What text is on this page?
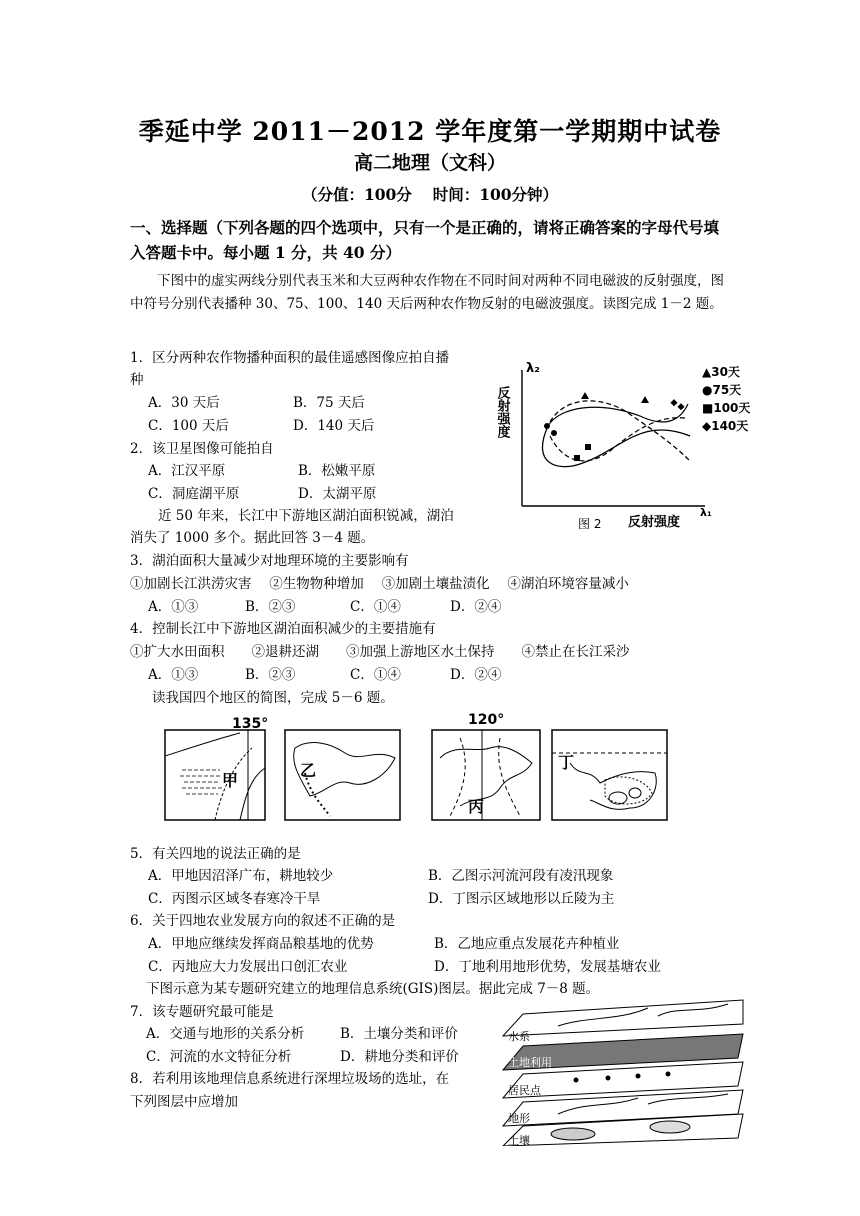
季延中学 2011－2012 学年度第一学期期中试卷
高二地理（文科）
（分值：100分　 时间：100分钟）
一、选择题（下列各题的四个选项中，只有一个是正确的，请将正确答案的字母代号填入答题卡中。每小题 1 分，共 40 分）
下图中的虚实两线分别代表玉米和大豆两种农作物在不同时间对两种不同电磁波的反射强度，图中符号分别代表播种 30、75、100、140 天后两种农作物反射的电磁波强度。读图完成 1－2 题。
1．区分两种农作物播种面积的最佳遥感图像应拍自播
种
A．30 天后	B．75 天后
C．100 天后	D．140 天后
2．该卫星图像可能拍自
A．江汉平原	B．松嫩平原
C．洞庭湖平原	D．太湖平原
近 50 年来，长江中下游地区湖泊面积锐减，湖泊
消失了 1000 多个。据此回答 3－4 题。
λ₂
反射强度
λ₁
反射强度
图 2
▲30天
●75天
■100天
◆140天
3．湖泊面积大量减少对地理环境的主要影响有
①加剧长江洪涝灾害　 ②生物物种增加　 ③加剧土壤盐渍化　 ④湖泊环境容量减小
A．①③	B．②③	C．①④	D．②④
4．控制长江中下游地区湖泊面积减少的主要措施有
①扩大水田面积　　②退耕还湖　　③加强上游地区水土保持　　④禁止在长江采沙
A．①③	B．②③	C．①④	D．②④
读我国四个地区的简图，完成 5－6 题。
135°	120°
甲
乙
丙
丁
5．有关四地的说法正确的是
A．甲地因沼泽广布，耕地较少	B．乙图示河流河段有凌汛现象
C．丙图示区域冬春寒冷干旱	D．丁图示区域地形以丘陵为主
6．关于四地农业发展方向的叙述不正确的是
A．甲地应继续发挥商品粮基地的优势	B．乙地应重点发展花卉种植业
C．丙地应大力发展出口创汇农业	D．丁地利用地形优势，发展基塘农业
下图示意为某专题研究建立的地理信息系统(GIS)图层。据此完成 7－8 题。
7．该专题研究最可能是
A．交通与地形的关系分析	B．土壤分类和评价
C．河流的水文特征分析	D．耕地分类和评价
8．若利用该地理信息系统进行深埋垃圾场的选址，在
下列图层中应增加
水系
土地利用
居民点
地形
土壤
